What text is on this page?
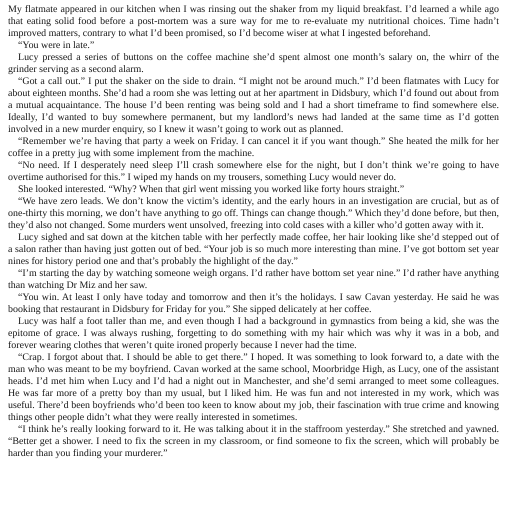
My flatmate appeared in our kitchen when I was rinsing out the shaker from my liquid breakfast. I’d learned a while ago that eating solid food before a post-mortem was a sure way for me to re-evaluate my nutritional choices. Time hadn’t improved matters, contrary to what I’d been promised, so I’d become wiser at what I ingested beforehand.

“You were in late.”

Lucy pressed a series of buttons on the coffee machine she’d spent almost one month’s salary on, the whirr of the grinder serving as a second alarm.

“Got a call out.” I put the shaker on the side to drain. “I might not be around much.” I’d been flatmates with Lucy for about eighteen months. She’d had a room she was letting out at her apartment in Didsbury, which I’d found out about from a mutual acquaintance. The house I’d been renting was being sold and I had a short timeframe to find somewhere else. Ideally, I’d wanted to buy somewhere permanent, but my landlord’s news had landed at the same time as I’d gotten involved in a new murder enquiry, so I knew it wasn’t going to work out as planned.

“Remember we’re having that party a week on Friday. I can cancel it if you want though.” She heated the milk for her coffee in a pretty jug with some implement from the machine.

“No need. If I desperately need sleep I’ll crash somewhere else for the night, but I don’t think we’re going to have overtime authorised for this.” I wiped my hands on my trousers, something Lucy would never do.

She looked interested. “Why? When that girl went missing you worked like forty hours straight.”

“We have zero leads. We don’t know the victim’s identity, and the early hours in an investigation are crucial, but as of one-thirty this morning, we don’t have anything to go off. Things can change though.” Which they’d done before, but then, they’d also not changed. Some murders went unsolved, freezing into cold cases with a killer who’d gotten away with it.

Lucy sighed and sat down at the kitchen table with her perfectly made coffee, her hair looking like she’d stepped out of a salon rather than having just gotten out of bed. “Your job is so much more interesting than mine. I’ve got bottom set year nines for history period one and that’s probably the highlight of the day.”

“I’m starting the day by watching someone weigh organs. I’d rather have bottom set year nine.” I’d rather have anything than watching Dr Miz and her saw.

“You win. At least I only have today and tomorrow and then it’s the holidays. I saw Cavan yesterday. He said he was booking that restaurant in Didsbury for Friday for you.” She sipped delicately at her coffee.

Lucy was half a foot taller than me, and even though I had a background in gymnastics from being a kid, she was the epitome of grace. I was always rushing, forgetting to do something with my hair which was why it was in a bob, and forever wearing clothes that weren’t quite ironed properly because I never had the time.

“Crap. I forgot about that. I should be able to get there.” I hoped. It was something to look forward to, a date with the man who was meant to be my boyfriend. Cavan worked at the same school, Moorbridge High, as Lucy, one of the assistant heads. I’d met him when Lucy and I’d had a night out in Manchester, and she’d semi arranged to meet some colleagues. He was far more of a pretty boy than my usual, but I liked him. He was fun and not interested in my work, which was useful. There’d been boyfriends who’d been too keen to know about my job, their fascination with true crime and knowing things other people didn’t what they were really interested in sometimes.

“I think he’s really looking forward to it. He was talking about it in the staffroom yesterday.” She stretched and yawned. “Better get a shower. I need to fix the screen in my classroom, or find someone to fix the screen, which will probably be harder than you finding your murderer.”
